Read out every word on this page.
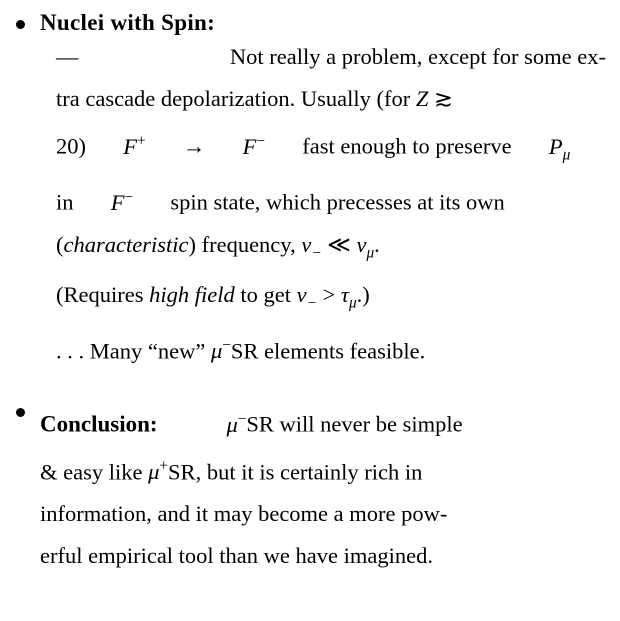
Nuclei with Spin:
—	Not really a problem, except for some ex-
tra cascade depolarization. Usually (for Z ≳
20) F+ → F− fast enough to preserve $P_\mu$
in F− spin state, which precesses at its own
(characteristic) frequency, $\nu_-$ ≪ $\nu_\mu$.
(Requires high field to get $\nu_- > \tau_\mu$.)
. . . Many “new” μ−SR elements feasible.
Conclusion:	μ−SR will never be simple
& easy like μ+SR, but it is certainly rich in
information, and it may become a more pow-
erful empirical tool than we have imagined.
